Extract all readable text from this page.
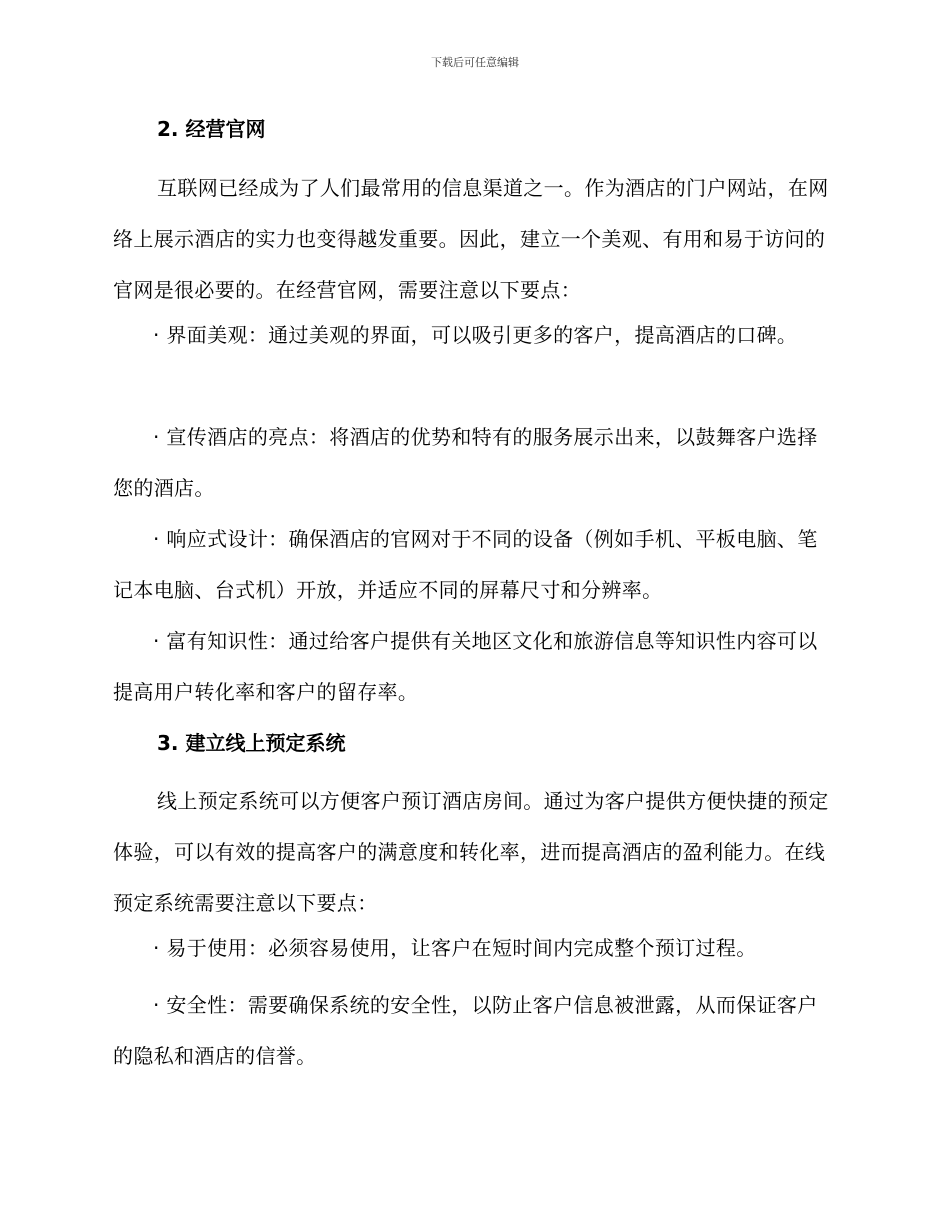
下载后可任意编辑
2. 经营官网

互联网已经成为了人们最常用的信息渠道之一。作为酒店的门户网站，在网络上展示酒店的实力也变得越发重要。因此，建立一个美观、有用和易于访问的官网是很必要的。在经营官网，需要注意以下要点：

· 界面美观：通过美观的界面，可以吸引更多的客户，提高酒店的口碑。

· 宣传酒店的亮点：将酒店的优势和特有的服务展示出来，以鼓舞客户选择您的酒店。

· 响应式设计：确保酒店的官网对于不同的设备（例如手机、平板电脑、笔记本电脑、台式机）开放，并适应不同的屏幕尺寸和分辨率。

· 富有知识性：通过给客户提供有关地区文化和旅游信息等知识性内容可以提高用户转化率和客户的留存率。

3. 建立线上预定系统

线上预定系统可以方便客户预订酒店房间。通过为客户提供方便快捷的预定体验，可以有效的提高客户的满意度和转化率，进而提高酒店的盈利能力。在线预定系统需要注意以下要点：

· 易于使用：必须容易使用，让客户在短时间内完成整个预订过程。

· 安全性：需要确保系统的安全性，以防止客户信息被泄露，从而保证客户的隐私和酒店的信誉。
